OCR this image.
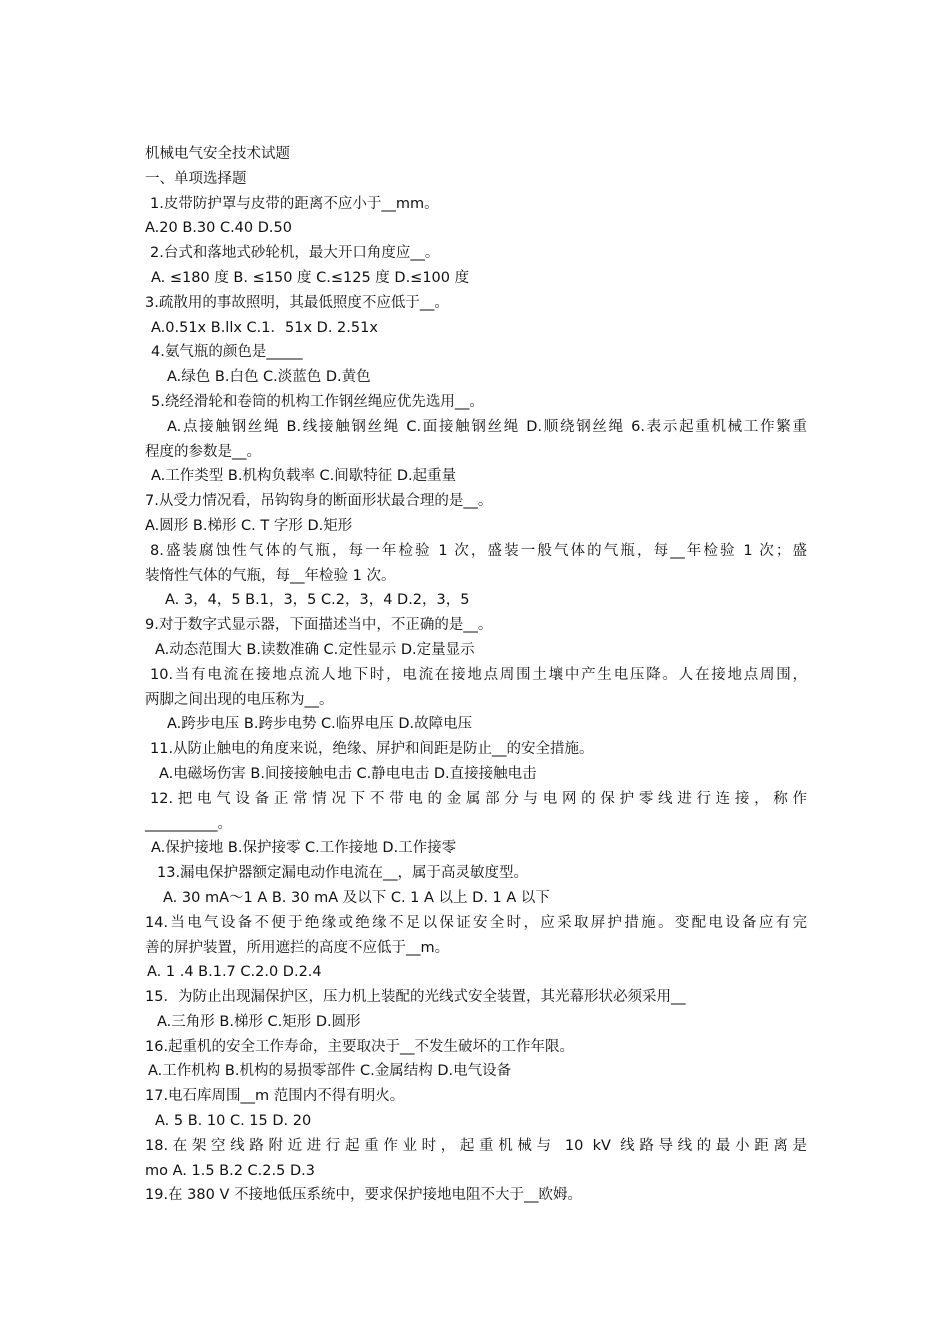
机械电气安全技术试题
一、单项选择题
1.皮带防护罩与皮带的距离不应小于__mm。
A.20 B.30 C.40 D.50
2.台式和落地式砂轮机，最大开口角度应__。
A. ≤180 度 B. ≤150 度 C.≤125 度 D.≤100 度
3.疏散用的事故照明，其最低照度不应低于__。
A.0.51x B.llx C.1．51x D. 2.51x
4.氨气瓶的颜色是_____
A.绿色 B.白色 C.淡蓝色 D.黄色
5.绕经滑轮和卷筒的机构工作钢丝绳应优先选用__。
A.点接触钢丝绳 B.线接触钢丝绳 C.面接触钢丝绳 D.顺绕钢丝绳 6.表示起重机械工作繁重
程度的参数是__。
A.工作类型 B.机构负载率 C.间歇特征 D.起重量
7.从受力情况看，吊钩钩身的断面形状最合理的是__。
A.圆形 B.梯形 C. T 字形 D.矩形
8.盛装腐蚀性气体的气瓶，每一年检验 1 次，盛装一般气体的气瓶，每__年检验 1 次；盛
装惰性气体的气瓶，每__年检验 1 次。
A. 3，4，5 B.1，3，5 C.2，3，4 D.2，3，5
9.对于数字式显示器，下面描述当中，不正确的是__。
A.动态范围大 B.读数准确 C.定性显示 D.定量显示
10.当有电流在接地点流人地下时，电流在接地点周围土壤中产生电压降。人在接地点周围，
两脚之间出现的电压称为__。
A.跨步电压 B.跨步电势 C.临界电压 D.故障电压
11.从防止触电的角度来说，绝缘、屏护和间距是防止__的安全措施。
A.电磁场伤害 B.间接接触电击 C.静电电击 D.直接接触电击
12.把电气设备正常情况下不带电的金属部分与电网的保护零线进行连接，称作
__________。
A.保护接地 B.保护接零 C.工作接地 D.工作接零
13.漏电保护器额定漏电动作电流在__，属于高灵敏度型。
A. 30 mA～1 A B. 30 mA 及以下 C. 1 A 以上 D. 1 A 以下
14.当电气设备不便于绝缘或绝缘不足以保证安全时，应采取屏护措施。变配电设备应有完
善的屏护装置，所用遮拦的高度不应低于__m。
A. 1 .4 B.1.7 C.2.0 D.2.4
15．为防止出现漏保护区，压力机上装配的光线式安全装置，其光幕形状必须采用__
A.三角形 B.梯形 C.矩形 D.圆形
16.起重机的安全工作寿命，主要取决于__不发生破坏的工作年限。
A.工作机构 B.机构的易损零部件 C.金属结构 D.电气设备
17.电石库周围__m 范围内不得有明火。
A. 5 B. 10 C. 15 D. 20
18.在架空线路附近进行起重作业时，起重机械与 10 kV 线路导线的最小距离是
mo A. 1.5 B.2 C.2.5 D.3
19.在 380 V 不接地低压系统中，要求保护接地电阻不大于__欧姆。
